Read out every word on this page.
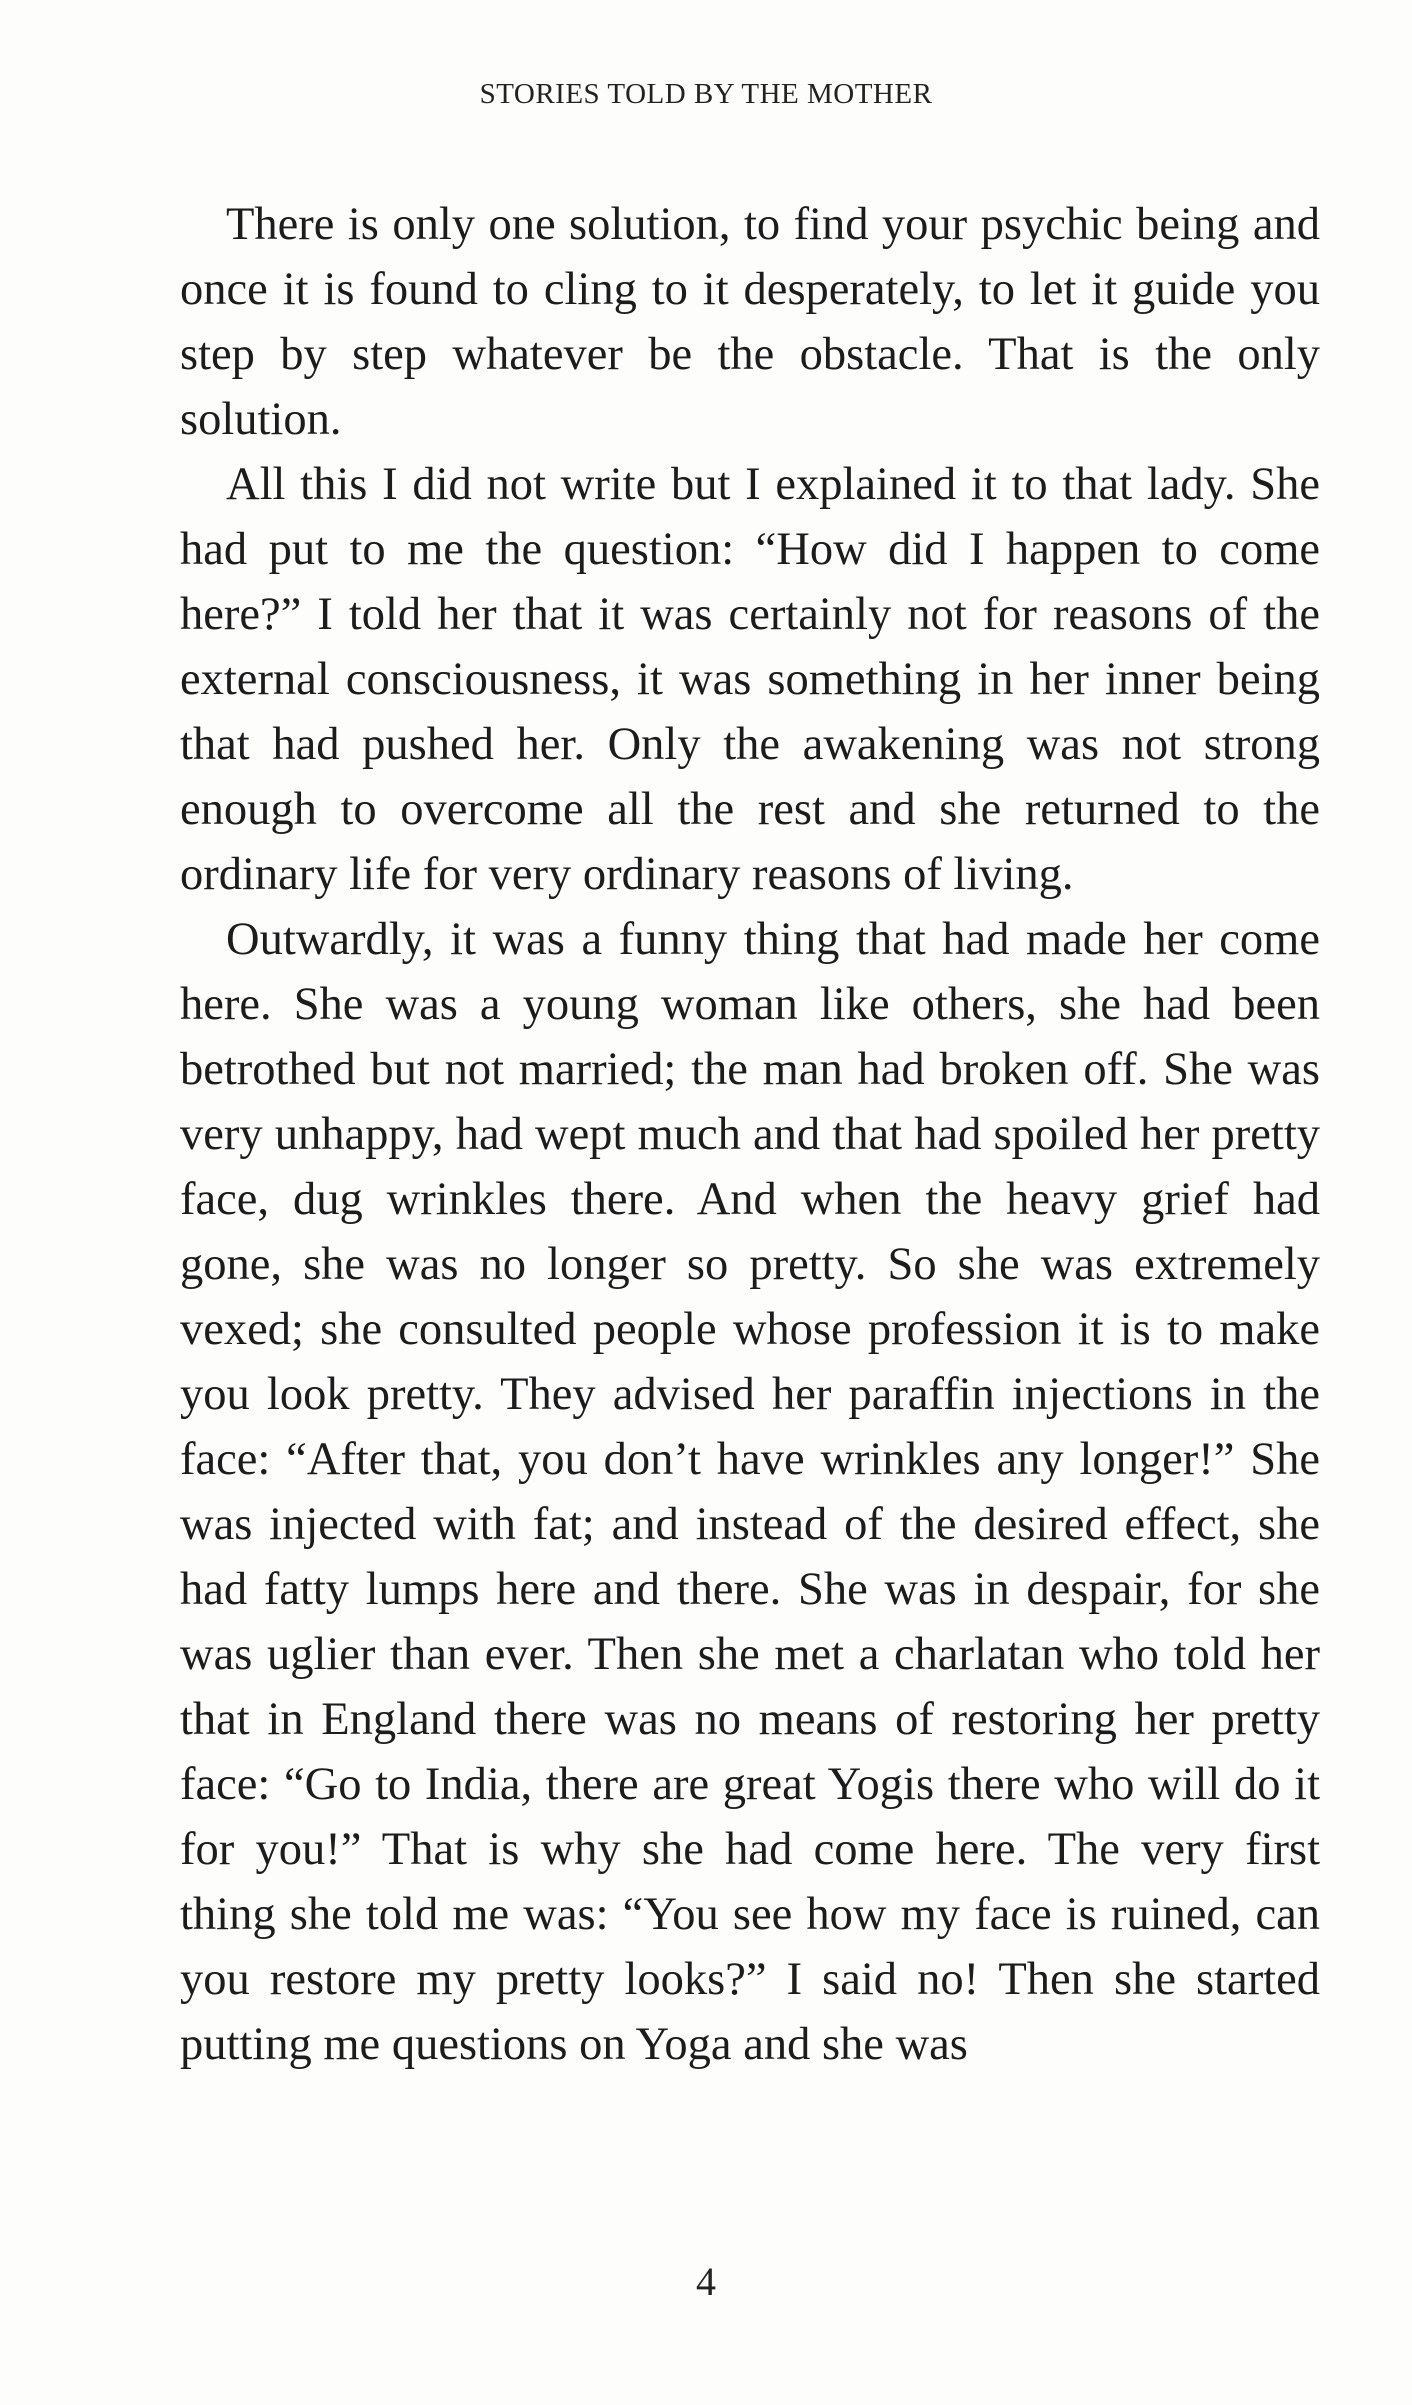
STORIES TOLD BY THE MOTHER

There is only one solution, to find your psychic being and once it is found to cling to it desperately, to let it guide you step by step whatever be the obstacle. That is the only solution.

All this I did not write but I explained it to that lady. She had put to me the question: “How did I happen to come here?” I told her that it was certainly not for reasons of the external consciousness, it was something in her inner being that had pushed her. Only the awakening was not strong enough to overcome all the rest and she returned to the ordinary life for very ordinary reasons of living.

Outwardly, it was a funny thing that had made her come here. She was a young woman like others, she had been betrothed but not married; the man had broken off. She was very unhappy, had wept much and that had spoiled her pretty face, dug wrinkles there. And when the heavy grief had gone, she was no longer so pretty. So she was extremely vexed; she consulted people whose profession it is to make you look pretty. They advised her paraffin injections in the face: “After that, you don’t have wrinkles any longer!” She was injected with fat; and instead of the desired effect, she had fatty lumps here and there. She was in despair, for she was uglier than ever. Then she met a charlatan who told her that in England there was no means of restoring her pretty face: “Go to India, there are great Yogis there who will do it for you!” That is why she had come here. The very first thing she told me was: “You see how my face is ruined, can you restore my pretty looks?” I said no! Then she started putting me questions on Yoga and she was

4
